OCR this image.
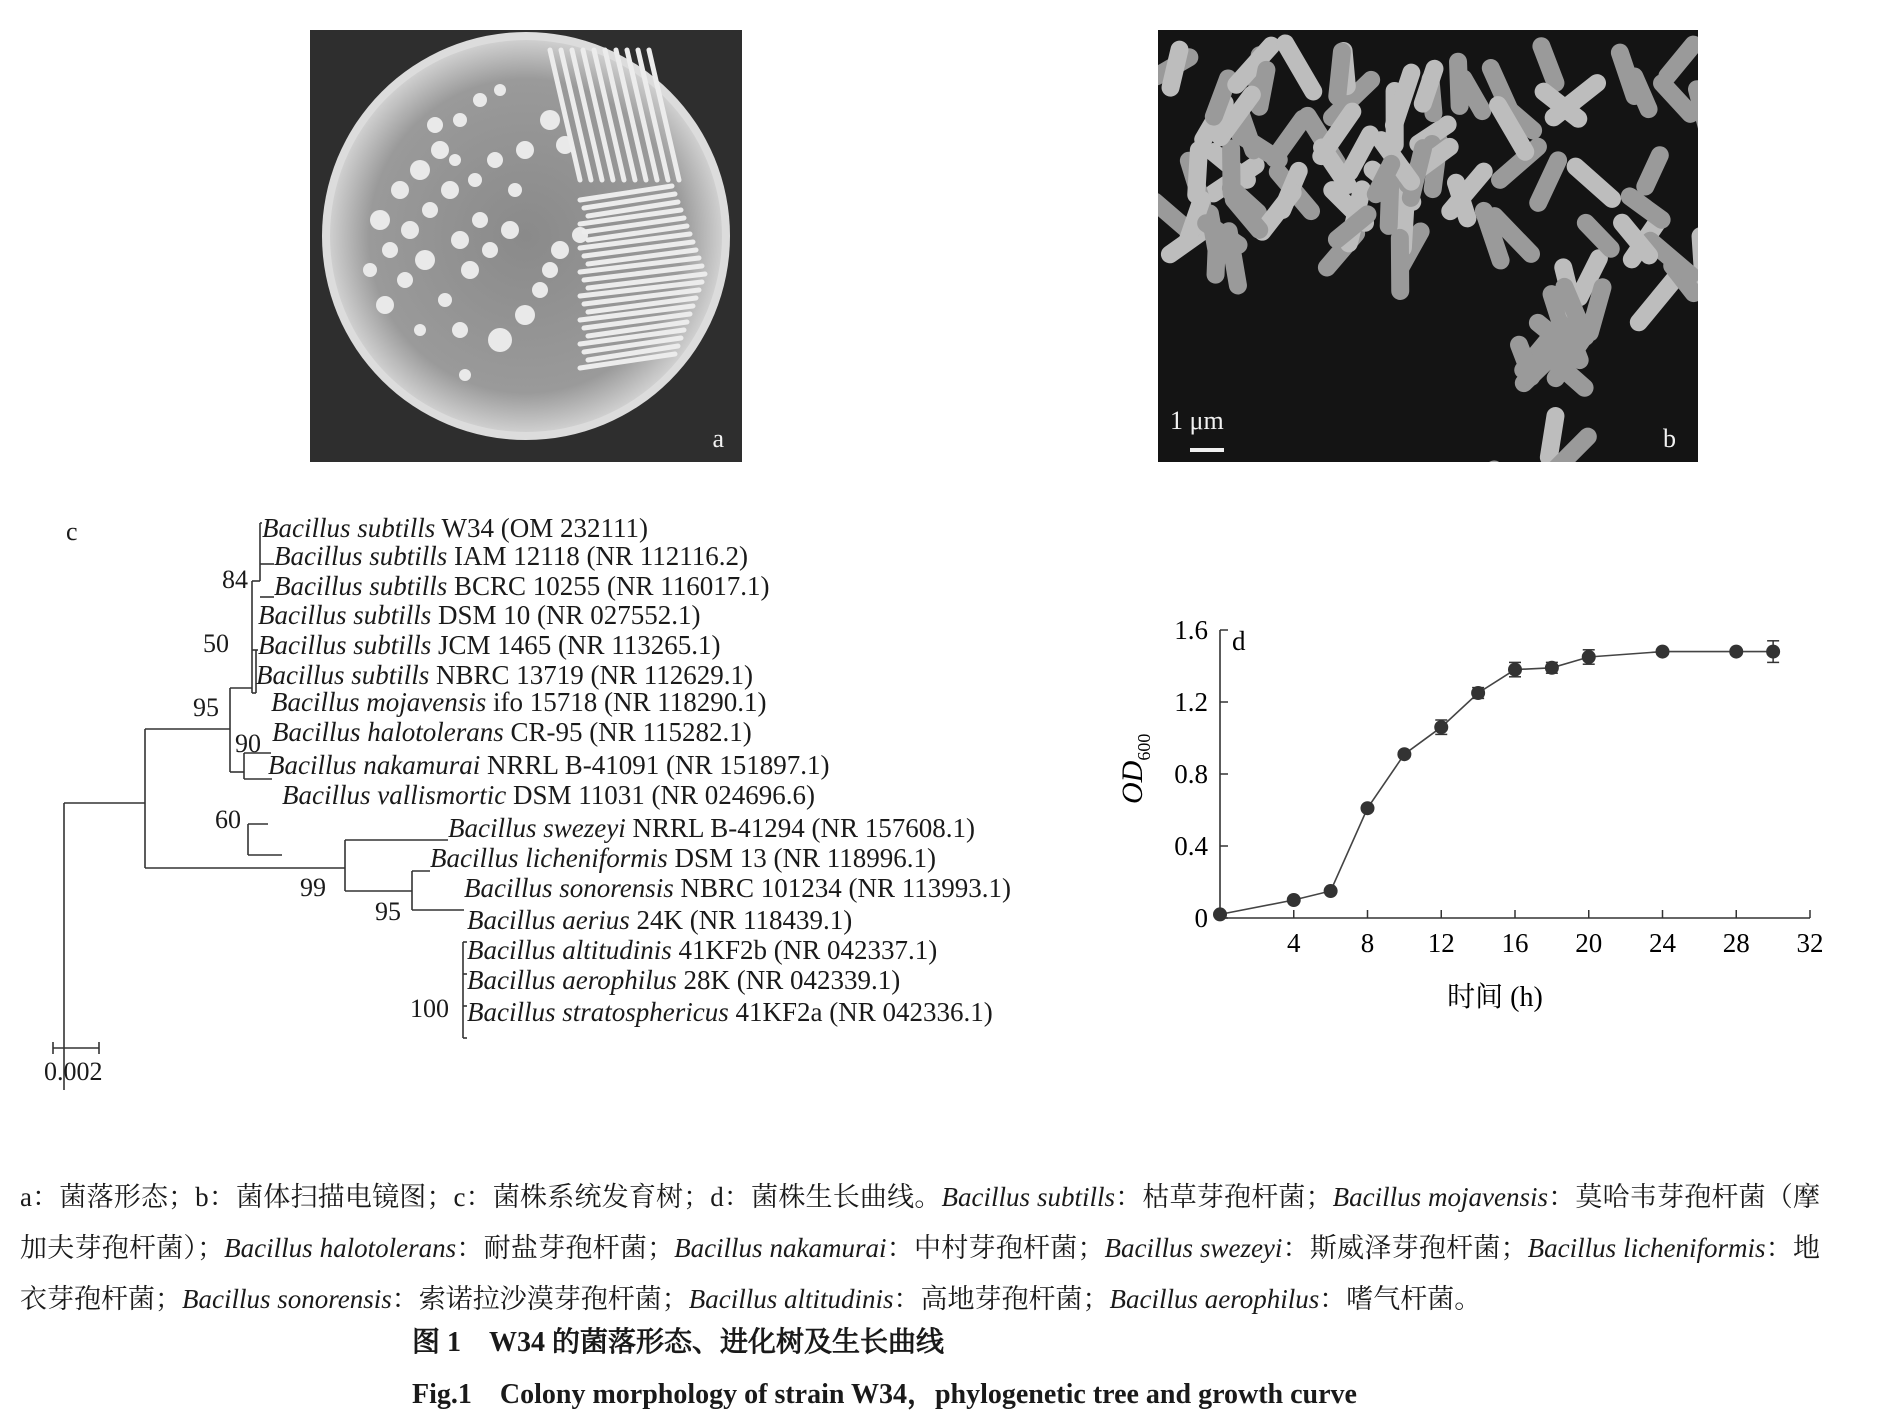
a
1 μm
b
c	Bacillus subtills W34 (OM 232111)
Bacillus subtills IAM 12118 (NR 112116.2)
Bacillus subtills BCRC 10255 (NR 116017.1)
Bacillus subtills DSM 10 (NR 027552.1)
Bacillus subtills JCM 1465 (NR 113265.1)
Bacillus subtills NBRC 13719 (NR 112629.1)
Bacillus mojavensis ifo 15718 (NR 118290.1)
Bacillus halotolerans CR-95 (NR 115282.1)
Bacillus nakamurai NRRL B-41091 (NR 151897.1)
Bacillus vallismortic DSM 11031 (NR 024696.6)
Bacillus swezeyi NRRL B-41294 (NR 157608.1)
Bacillus licheniformis DSM 13 (NR 118996.1)
Bacillus sonorensis NBRC 101234 (NR 113993.1)
Bacillus aerius 24K (NR 118439.1)
Bacillus altitudinis 41KF2b (NR 042337.1)
Bacillus aerophilus 28K (NR 042339.1)
Bacillus stratosphericus 41KF2a (NR 042336.1)
84
50
95
90
60
99
95
100
0.002
4 8 12 16 20 24 28 32
0
0.4
0.8
1.2
1.6 d
$OD_{600}$
时间 (h)
a：菌落形态；b：菌体扫描电镜图；c：菌株系统发育树；d：菌株生长曲线。Bacillus subtills：枯草芽孢杆菌；Bacillus mojavensis：莫哈韦芽孢杆菌（摩加夫芽孢杆菌）；Bacillus halotolerans：耐盐芽孢杆菌；Bacillus nakamurai：中村芽孢杆菌；Bacillus swezeyi：斯威泽芽孢杆菌；Bacillus licheniformis：地衣芽孢杆菌；Bacillus sonorensis：索诺拉沙漠芽孢杆菌；Bacillus altitudinis：高地芽孢杆菌；Bacillus aerophilus：嗜气杆菌。
图 1　W34 的菌落形态、进化树及生长曲线
Fig.1　Colony morphology of strain W34，phylogenetic tree and growth curve
